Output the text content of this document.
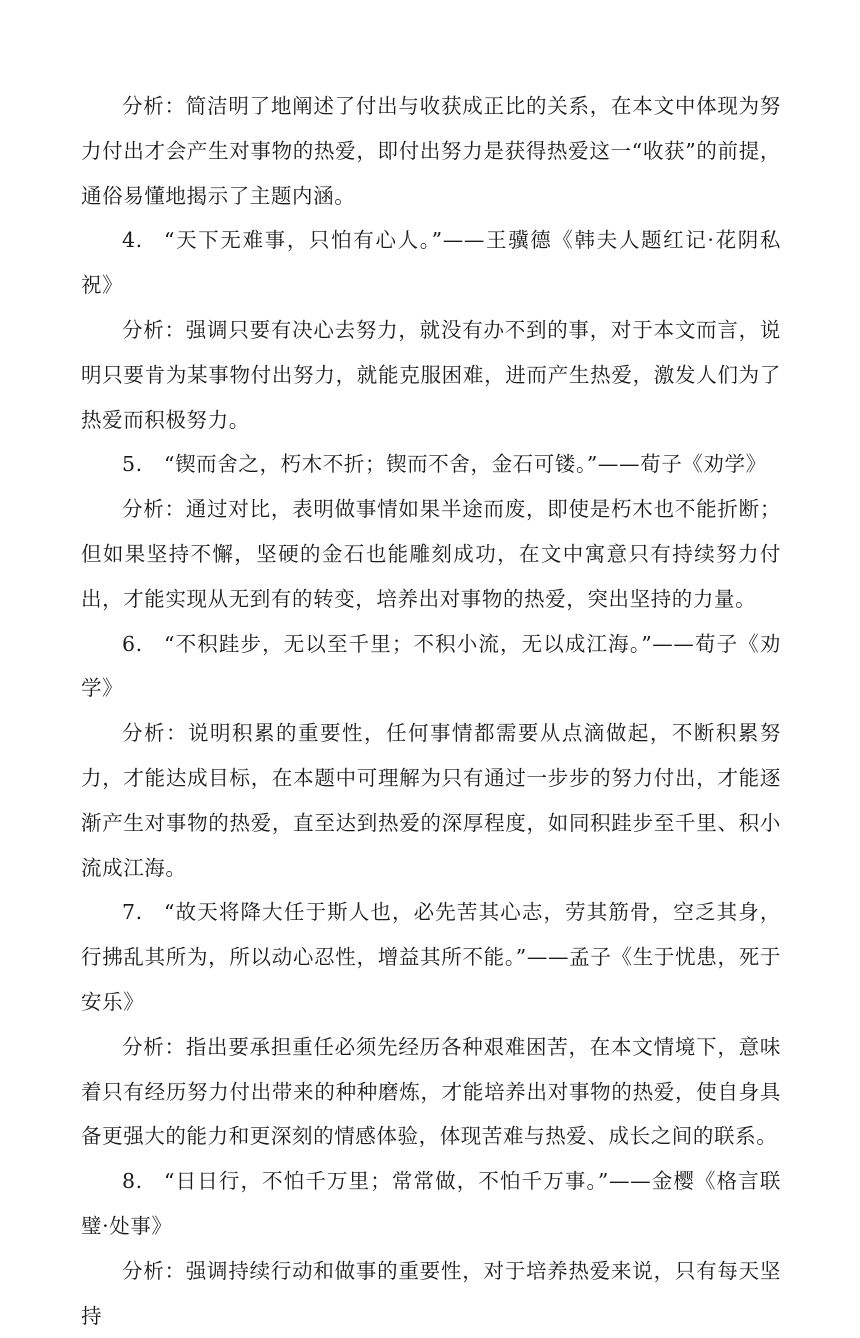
分析：简洁明了地阐述了付出与收获成正比的关系，在本文中体现为努力付出才会产生对事物的热爱，即付出努力是获得热爱这一“收获”的前提，通俗易懂地揭示了主题内涵。

4. “天下无难事，只怕有心人。”——王骥德《韩夫人题红记·花阴私祝》

分析：强调只要有决心去努力，就没有办不到的事，对于本文而言，说明只要肯为某事物付出努力，就能克服困难，进而产生热爱，激发人们为了热爱而积极努力。

5. “锲而舍之，朽木不折；锲而不舍，金石可镂。”——荀子《劝学》

分析：通过对比，表明做事情如果半途而废，即使是朽木也不能折断；但如果坚持不懈，坚硬的金石也能雕刻成功，在文中寓意只有持续努力付出，才能实现从无到有的转变，培养出对事物的热爱，突出坚持的力量。

6. “不积跬步，无以至千里；不积小流，无以成江海。”——荀子《劝学》

分析：说明积累的重要性，任何事情都需要从点滴做起，不断积累努力，才能达成目标，在本题中可理解为只有通过一步步的努力付出，才能逐渐产生对事物的热爱，直至达到热爱的深厚程度，如同积跬步至千里、积小流成江海。

7. “故天将降大任于斯人也，必先苦其心志，劳其筋骨，空乏其身，行拂乱其所为，所以动心忍性，增益其所不能。”——孟子《生于忧患，死于安乐》

分析：指出要承担重任必须先经历各种艰难困苦，在本文情境下，意味着只有经历努力付出带来的种种磨炼，才能培养出对事物的热爱，使自身具备更强大的能力和更深刻的情感体验，体现苦难与热爱、成长之间的联系。

8. “日日行，不怕千万里；常常做，不怕千万事。”——金樱《格言联璧·处事》

分析：强调持续行动和做事的重要性，对于培养热爱来说，只有每天坚持
